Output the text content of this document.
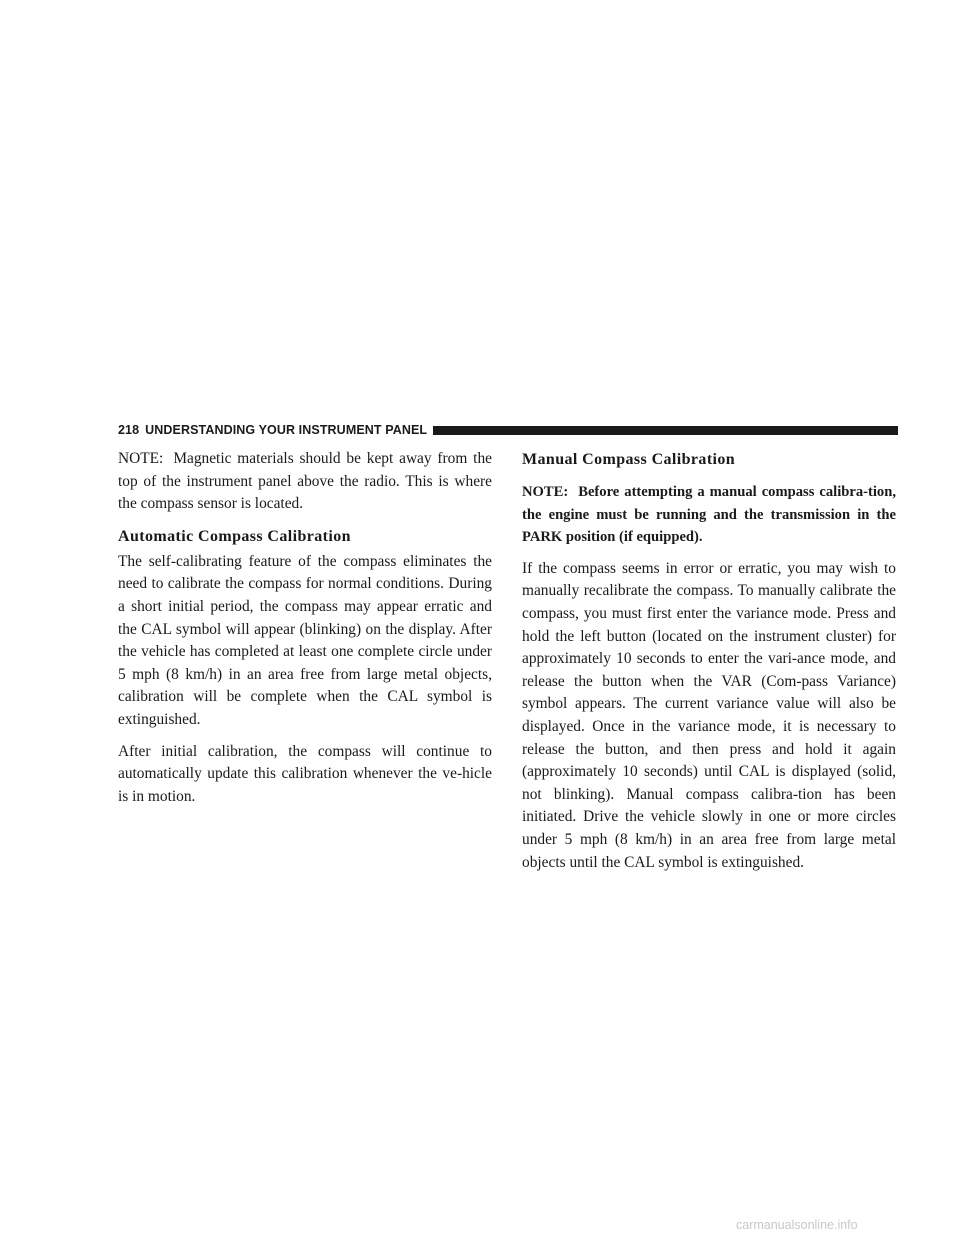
218 UNDERSTANDING YOUR INSTRUMENT PANEL

NOTE: Magnetic materials should be kept away from the top of the instrument panel above the radio. This is where the compass sensor is located.

Automatic Compass Calibration

The self-calibrating feature of the compass eliminates the need to calibrate the compass for normal conditions. During a short initial period, the compass may appear erratic and the CAL symbol will appear (blinking) on the display. After the vehicle has completed at least one complete circle under 5 mph (8 km/h) in an area free from large metal objects, calibration will be complete when the CAL symbol is extinguished.

After initial calibration, the compass will continue to automatically update this calibration whenever the ve-hicle is in motion.

Manual Compass Calibration

NOTE: Before attempting a manual compass calibra-tion, the engine must be running and the transmission in the PARK position (if equipped).

If the compass seems in error or erratic, you may wish to manually recalibrate the compass. To manually calibrate the compass, you must first enter the variance mode. Press and hold the left button (located on the instrument cluster) for approximately 10 seconds to enter the vari-ance mode, and release the button when the VAR (Com-pass Variance) symbol appears. The current variance value will also be displayed. Once in the variance mode, it is necessary to release the button, and then press and hold it again (approximately 10 seconds) until CAL is displayed (solid, not blinking). Manual compass calibra-tion has been initiated. Drive the vehicle slowly in one or more circles under 5 mph (8 km/h) in an area free from large metal objects until the CAL symbol is extinguished.

carmanualsonline.info
